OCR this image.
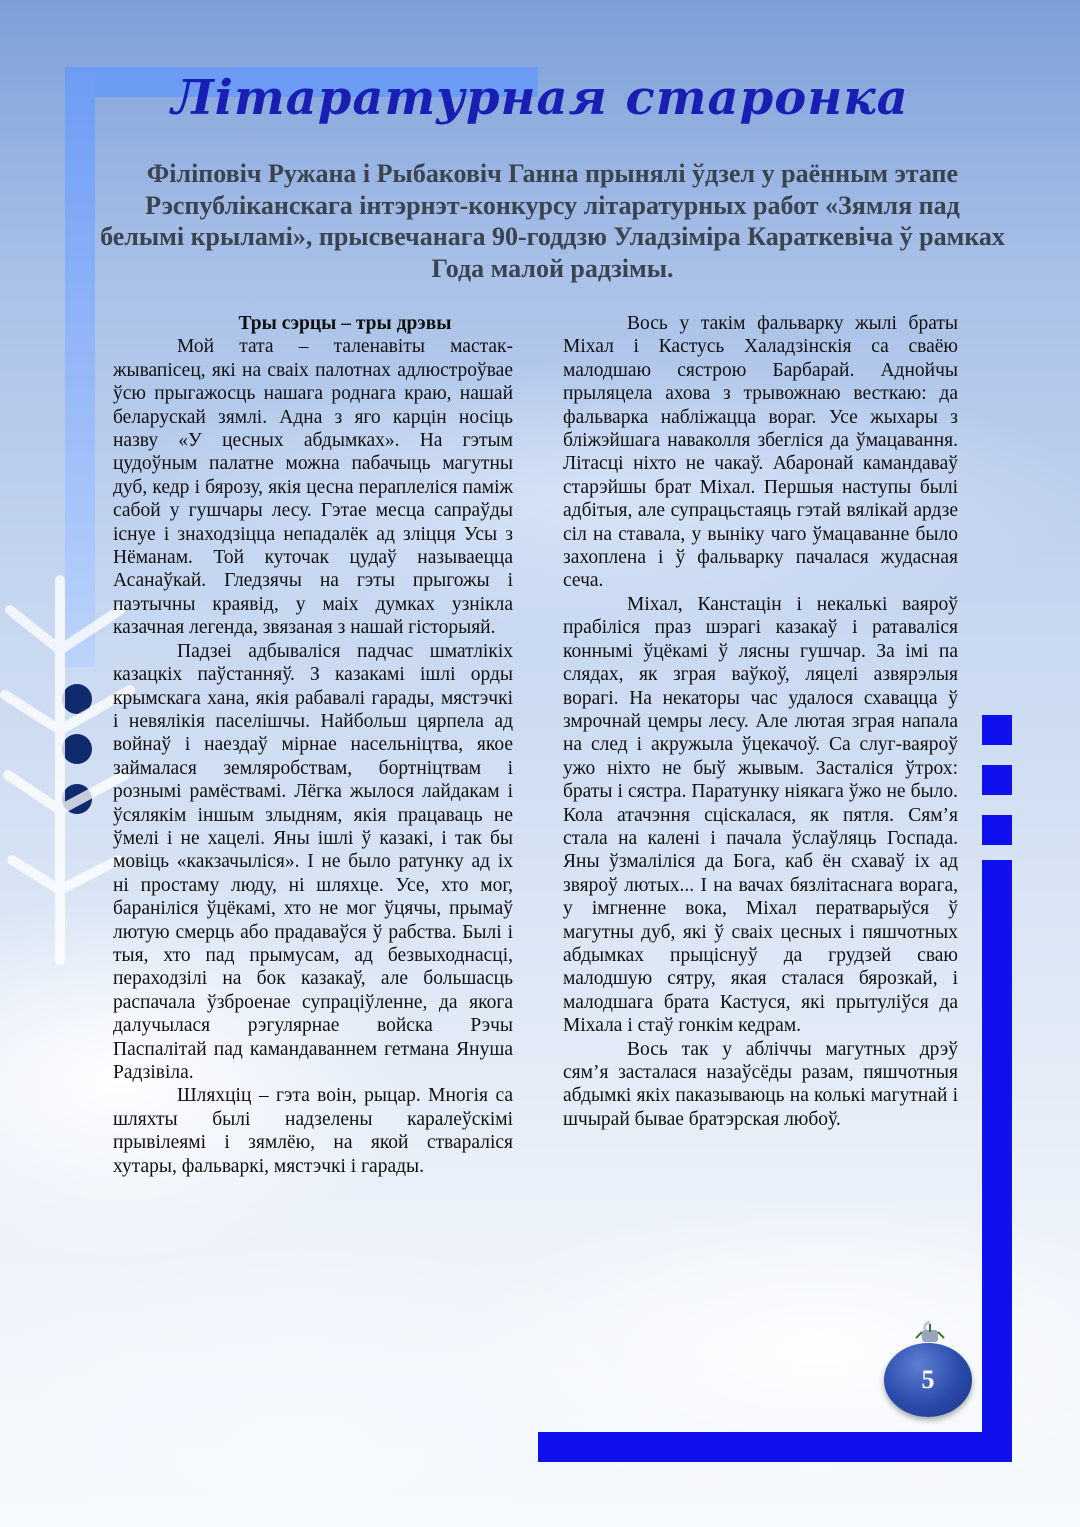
Літаратурная старонка
Філіповіч Ружана і Рыбаковіч Ганна прынялі ўдзел у раённым этапе Рэспубліканскага інтэрнэт-конкурсу літаратурных работ «Зямля пад белымі крыламі», прысвечанага 90-годдзю Уладзіміра Караткевіча ў рамках Года малой радзімы.

Тры сэрцы – тры дрэвы

Мой тата – таленавіты мастак-жывапісец, які на сваіх палотнах адлюстроўвае ўсю прыгажосць нашага роднага краю, нашай беларускай зямлі. Адна з яго карцін носіць назву «У цесных абдымках». На гэтым цудоўным палатне можна пабачыць магутны дуб, кедр і бярозу, якія цесна пераплеліся паміж сабой у гушчары лесу. Гэтае месца сапраўды існуе і знаходзіцца непадалёк ад зліцця Усы з Нёманам. Той куточак цудаў называецца Асанаўкай. Гледзячы на гэты прыгожы і паэтычны краявід, у маіх думках узнікла казачная легенда, звязаная з нашай гісторыяй.

Падзеі адбываліся падчас шматлікіх казацкіх паўстанняў. З казакамі ішлі орды крымскага хана, якія рабавалі гарады, мястэчкі і невялікія паселішчы. Найбольш цярпела ад войнаў і наездаў мірнае насельніцтва, якое займалася земляробствам, бортніцтвам і рознымі рамёствамі. Лёгка жылося лайдакам і ўсялякім іншым злыдням, якія працаваць не ўмелі і не хацелі. Яны ішлі ў казакі, і так бы мовіць «какзачыліся». І не было ратунку ад іх ні простаму люду, ні шляхце. Усе, хто мог, бараніліся ўцёкамі, хто не мог ўцячы, прымаў лютую смерць або прадаваўся ў рабства. Былі і тыя, хто пад прымусам, ад безвыходнасці, пераходзілі на бок казакаў, але большасць распачала ўзброенае супраціўленне, да якога далучылася рэгулярнае войска Рэчы Паспалітай пад камандаваннем гетмана Януша Радзівіла.

Шляхціц – гэта воін, рыцар. Многія са шляхты былі надзелены каралеўскімі прывілеямі і зямлёю, на якой ствараліся хутары, фальваркі, мястэчкі і гарады.

Вось у такім фальварку жылі браты Міхал і Кастусь Халадзінскія са сваёю малодшаю сястрою Барбарай. Аднойчы прыляцела ахова з трывожнаю весткаю: да фальварка набліжацца вораг. Усе жыхары з бліжэйшага наваколля збегліся да ўмацавання. Літасці ніхто не чакаў. Абаронай камандаваў старэйшы брат Міхал. Першыя наступы былі адбітыя, але супрацьстаяць гэтай вялікай ардзе сіл на ставала, у выніку чаго ўмацаванне было захоплена і ў фальварку пачалася жудасная сеча.

Міхал, Канстацін і некалькі ваяроў прабіліся праз шэрагі казакаў і ратаваліся коннымі ўцёкамі ў лясны гушчар. За імі па слядах, як зграя ваўкоў, ляцелі азвярэлыя ворагі. На некаторы час удалося схавацца ў змрочнай цемры лесу. Але лютая зграя напала на след і акружыла ўцекачоў. Са слуг-ваяроў ужо ніхто не быў жывым. Засталіся ўтрох: браты і сястра. Паратунку ніякага ўжо не было. Кола атачэння сціскалася, як пятля. Сям’я стала на калені і пачала ўслаўляць Госпада. Яны ўзмаліліся да Бога, каб ён схаваў іх ад звяроў лютых... І на вачах бязлітаснага ворага, у імгненне вока, Міхал ператварыўся ў магутны дуб, які ў сваіх цесных і пяшчотных абдымках прыціснуў да грудзей сваю малодшую сятру, якая сталася бярозкай, і малодшага брата Кастуся, які прытуліўся да Міхала і стаў гонкім кедрам.

Вось так у абліччы магутных дрэў сям’я засталася назаўсёды разам, пяшчотныя абдымкі якіх паказываюць на колькі магутнай і шчырай бывае братэрская любоў.

5
